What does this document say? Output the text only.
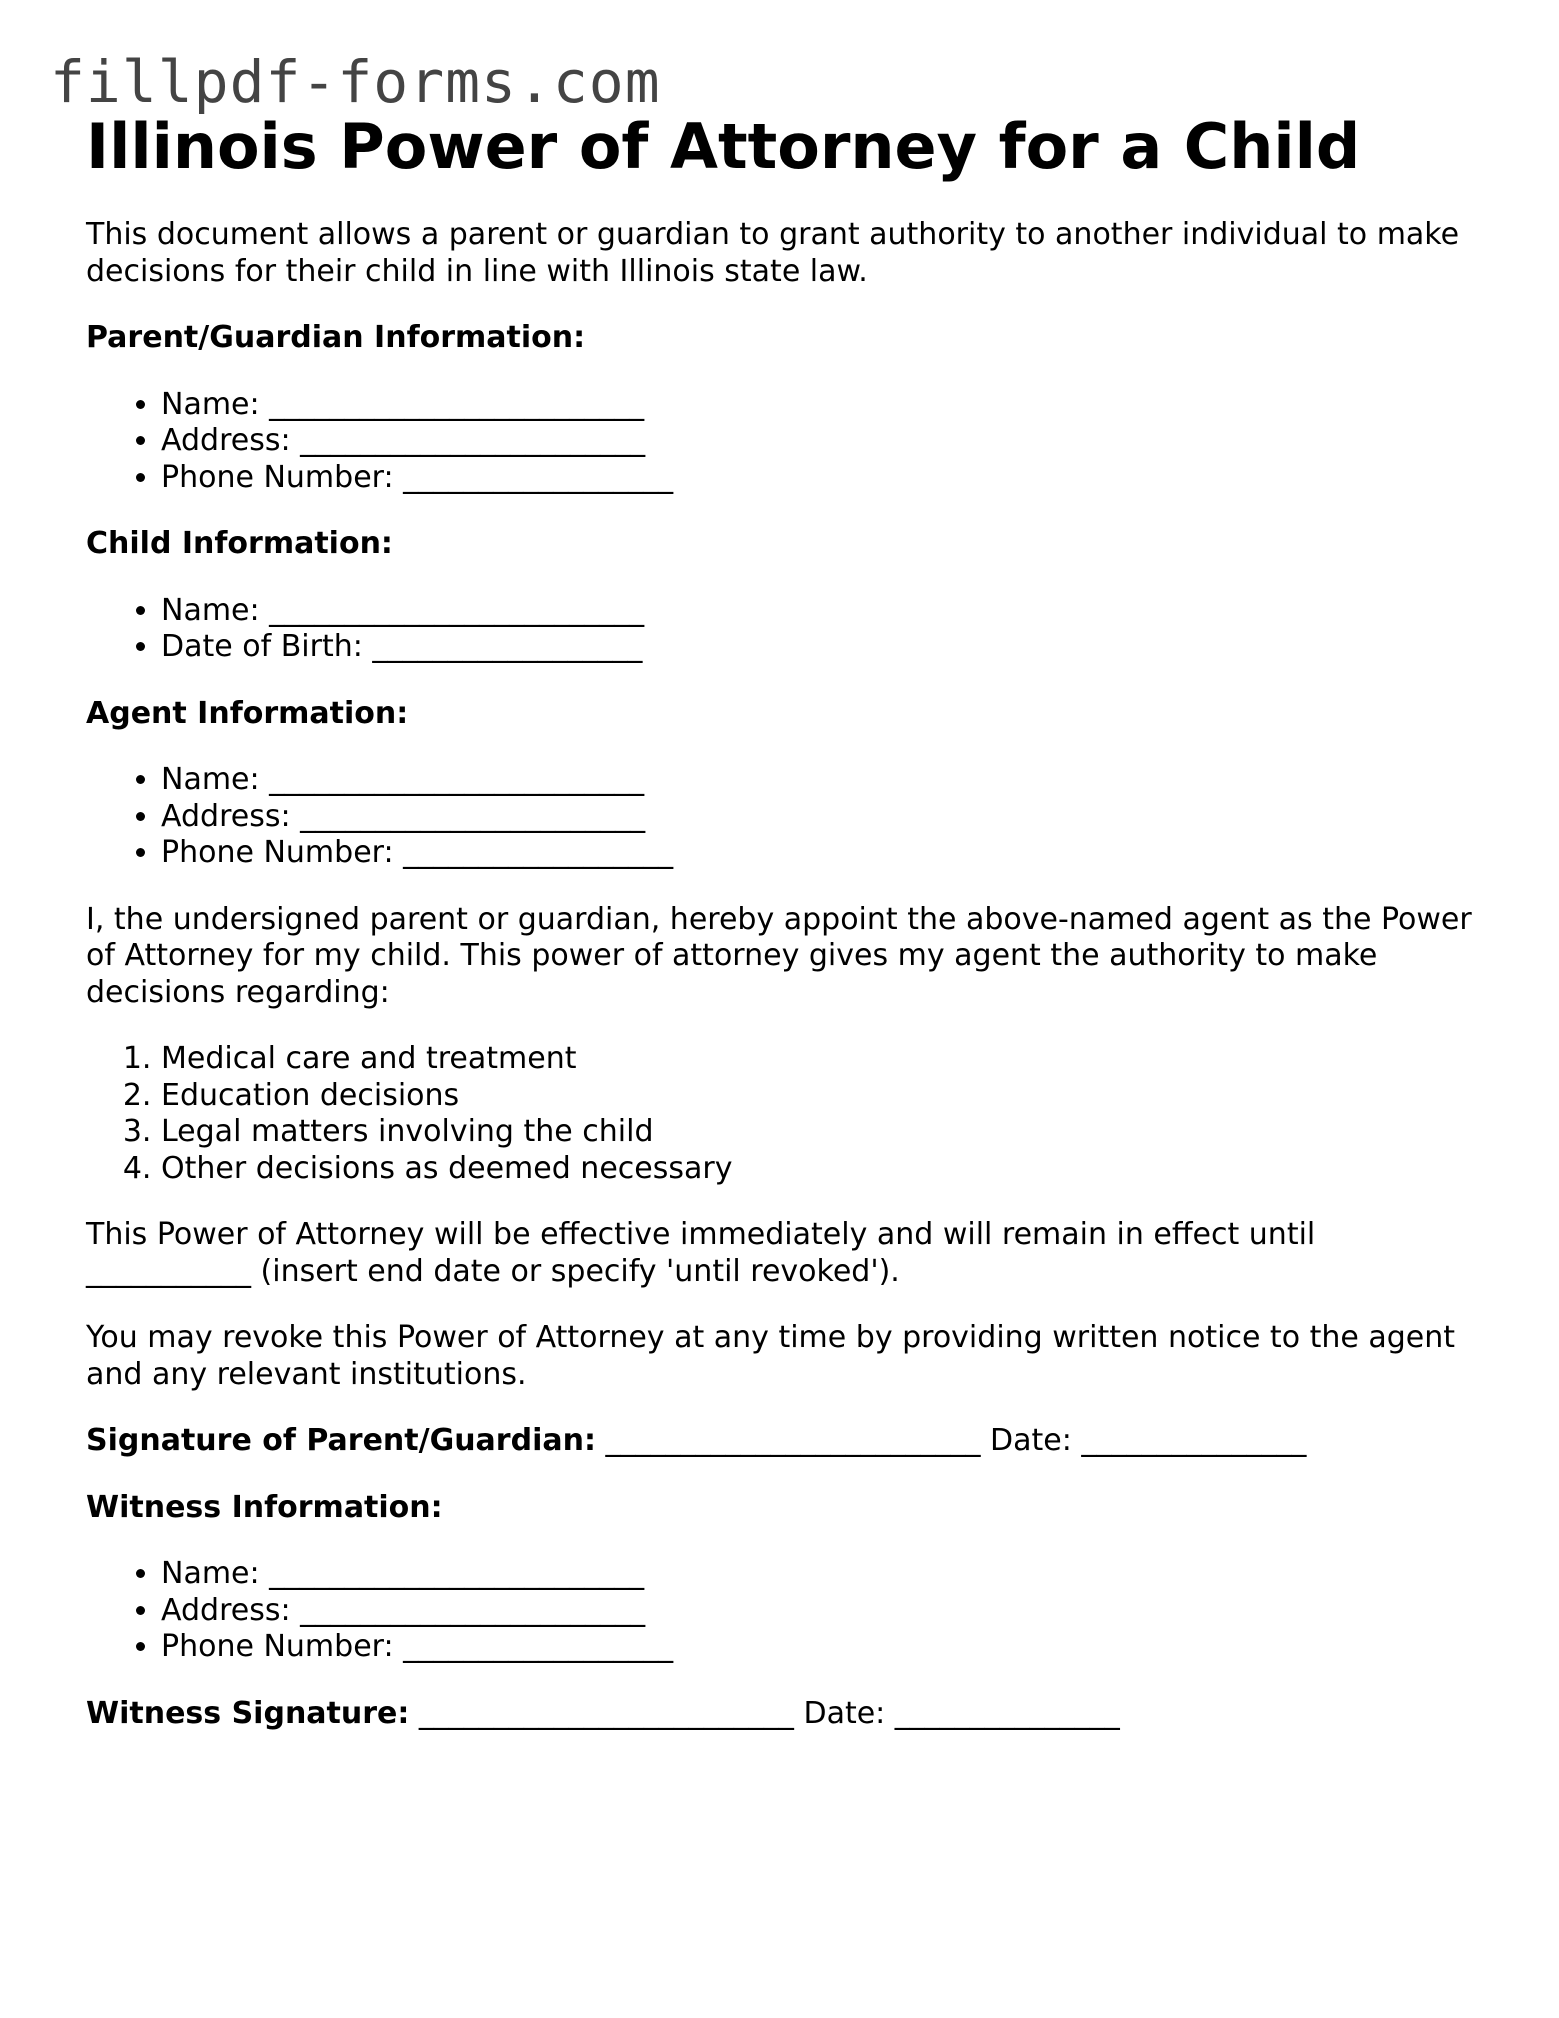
fillpdf-forms.com
Illinois Power of Attorney for a Child

This document allows a parent or guardian to grant authority to another individual to make decisions for their child in line with Illinois state law.

Parent/Guardian Information:
• Name: _________________________
• Address: _______________________
• Phone Number: __________________
Child Information:
• Name: _________________________
• Date of Birth: __________________
Agent Information:
• Name: _________________________
• Address: _______________________
• Phone Number: __________________

I, the undersigned parent or guardian, hereby appoint the above-named agent as the Power of Attorney for my child. This power of attorney gives my agent the authority to make decisions regarding:

1. Medical care and treatment
2. Education decisions
3. Legal matters involving the child
4. Other decisions as deemed necessary

This Power of Attorney will be effective immediately and will remain in effect until ___________ (insert end date or specify 'until revoked').

You may revoke this Power of Attorney at any time by providing written notice to the agent and any relevant institutions.

Signature of Parent/Guardian: _________________________ Date: _______________
Witness Information:
• Name: _________________________
• Address: _______________________
• Phone Number: __________________
Witness Signature: _________________________ Date: _______________
